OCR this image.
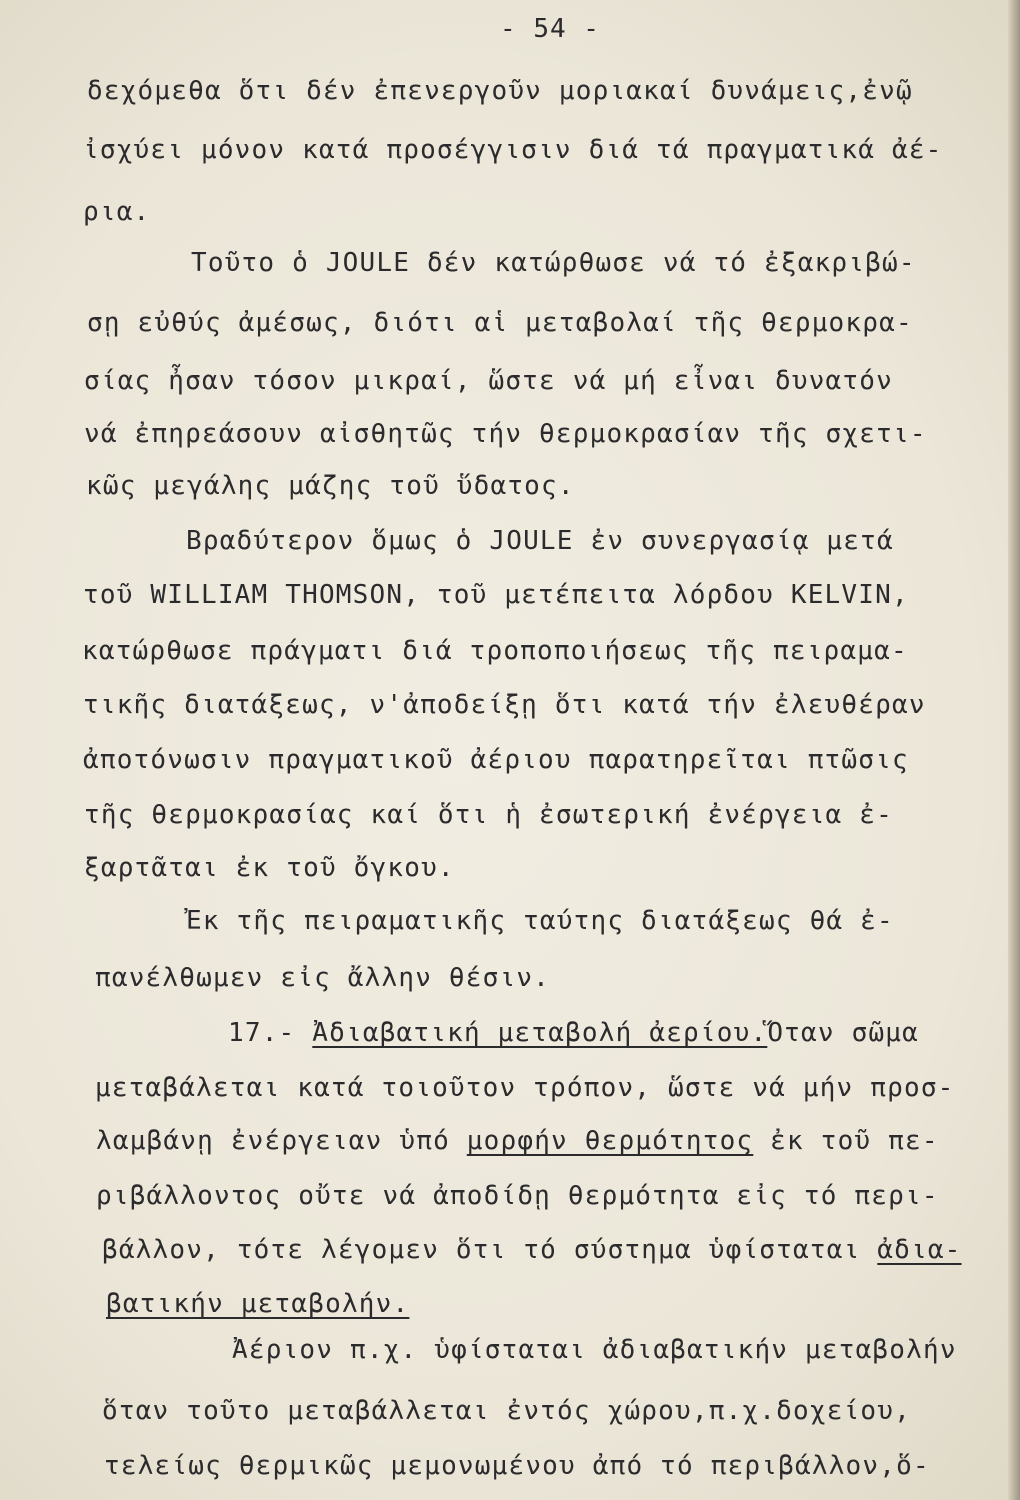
- 54 -
δεχόμεθα ὅτι δέν ἐπενεργοῦν μοριακαί δυνάμεις,ἐνῷ
ἰσχύει μόνον κατά προσέγγισιν διά τά πραγματικά ἀέ-
ρια.
Τοῦτο ὁ JOULE δέν κατώρθωσε νά τό ἐξακριβώ-
σῃ εὐθύς ἀμέσως, διότι αἱ μεταβολαί τῆς θερμοκρα-
σίας ἦσαν τόσον μικραί, ὥστε νά μή εἶναι δυνατόν
νά ἐπηρεάσουν αἰσθητῶς τήν θερμοκρασίαν τῆς σχετι-
κῶς μεγάλης μάζης τοῦ ὕδατος.
Βραδύτερον ὅμως ὁ JOULE ἐν συνεργασίᾳ μετά
τοῦ WILLIAM THOMSON, τοῦ μετέπειτα λόρδου KELVIN,
κατώρθωσε πράγματι διά τροποποιήσεως τῆς πειραμα-
τικῆς διατάξεως, ν'ἀποδείξῃ ὅτι κατά τήν ἐλευθέραν
ἀποτόνωσιν πραγματικοῦ ἀέριου παρατηρεῖται πτῶσις
τῆς θερμοκρασίας καί ὅτι ἡ ἐσωτερική ἐνέργεια ἐ-
ξαρτᾶται ἐκ τοῦ ὄγκου.
Ἐκ τῆς πειραματικῆς ταύτης διατάξεως θά ἐ-
πανέλθωμεν εἰς ἄλλην θέσιν.
17.- Ἀδιαβατική μεταβολή ἀερίου.Ὅταν σῶμα
μεταβάλεται κατά τοιοῦτον τρόπον, ὥστε νά μήν προσ-
λαμβάνῃ ἐνέργειαν ὑπό μορφήν θερμότητος ἐκ τοῦ πε-
ριβάλλοντος οὔτε νά ἀποδίδῃ θερμότητα εἰς τό περι-
βάλλον, τότε λέγομεν ὅτι τό σύστημα ὑφίσταται ἀδια-
βατικήν μεταβολήν.
Ἀέριον π.χ. ὑφίσταται ἀδιαβατικήν μεταβολήν
ὅταν τοῦτο μεταβάλλεται ἐντός χώρου,π.χ.δοχείου,
τελείως θερμικῶς μεμονωμένου ἀπό τό περιβάλλον,ὅ-
